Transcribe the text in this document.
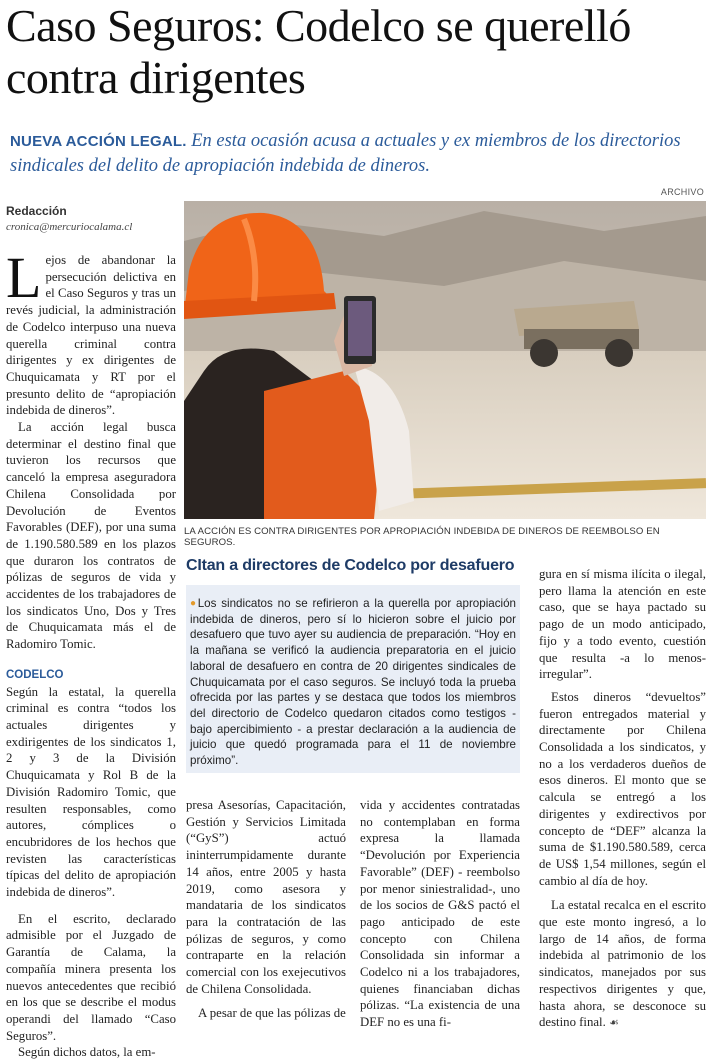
Caso Seguros: Codelco se querelló contra dirigentes
NUEVA ACCIÓN LEGAL. En esta ocasión acusa a actuales y ex miembros de los directorios sindicales del delito de apropiación indebida de dineros.
ARCHIVO
Redacción
cronica@mercuriocalama.cl
LA ACCIÓN ES CONTRA DIRIGENTES POR APROPIACIÓN INDEBIDA DE DINEROS DE REEMBOLSO EN SEGUROS.

Lejos de abandonar la persecución delictiva en el Caso Seguros y tras un revés judicial, la administración de Codelco interpuso una nueva querella criminal contra dirigentes y ex dirigentes de Chuquicamata y RT por el presunto delito de “apropiación indebida de dineros”.

La acción legal busca determinar el destino final que tuvieron los recursos que canceló la empresa aseguradora Chilena Consolidada por Devolución de Eventos Favorables (DEF), por una suma de 1.190.580.589 en los plazos que duraron los contratos de pólizas de seguros de vida y accidentes de los trabajadores de los sindicatos Uno, Dos y Tres de Chuquicamata más el de Radomiro Tomic.

CODELCO

Según la estatal, la querella criminal es contra “todos los actuales dirigentes y exdirigentes de los sindicatos 1, 2 y 3 de la División Chuquicamata y Rol B de la División Radomiro Tomic, que resulten responsables, como autores, cómplices o encubridores de los hechos que revisten las características típicas del delito de apropiación indebida de dineros”.

En el escrito, declarado admisible por el Juzgado de Garantía de Calama, la compañía minera presenta los nuevos antecedentes que recibió en los que se describe el modus operandi del llamado “Caso Seguros”.

Según dichos datos, la em-

CItan a directores de Codelco por desafuero
●Los sindicatos no se refirieron a la querella por apropiación indebida de dineros, pero sí lo hicieron sobre el juicio por desafuero que tuvo ayer su audiencia de preparación. “Hoy en la mañana se verificó la audiencia preparatoria en el juicio laboral de desafuero en contra de 20 dirigentes sindicales de Chuquicamata por el caso seguros. Se incluyó toda la prueba ofrecida por las partes y se destaca que todos los miembros del directorio de Codelco quedaron citados como testigos - bajo apercibimiento - a prestar declaración a la audiencia de juicio que quedó programada para el 11 de noviembre próximo”.

presa Asesorías, Capacitación, Gestión y Servicios Limitada (“GyS”) actuó ininterrumpidamente durante 14 años, entre 2005 y hasta 2019, como asesora y mandataria de los sindicatos para la contratación de las pólizas de seguros, y como contraparte en la relación comercial con los exejecutivos de Chilena Consolidada.

A pesar de que las pólizas de

vida y accidentes contratadas no contemplaban en forma expresa la llamada “Devolución por Experiencia Favorable” (DEF) - reembolso por menor siniestralidad-, uno de los socios de G&S pactó el pago anticipado de este concepto con Chilena Consolidada sin informar a Codelco ni a los trabajadores, quienes financiaban dichas pólizas. “La existencia de una DEF no es una fi-

gura en sí misma ilícita o ilegal, pero llama la atención en este caso, que se haya pactado su pago de un modo anticipado, fijo y a todo evento, cuestión que resulta -a lo menos- irregular”.

Estos dineros “devueltos” fueron entregados material y directamente por Chilena Consolidada a los sindicatos, y no a los verdaderos dueños de esos dineros. El monto que se calcula se entregó a los dirigentes y exdirectivos por concepto de “DEF” alcanza la suma de $1.190.580.589, cerca de US$ 1,54 millones, según el cambio al día de hoy.

La estatal recalca en el escrito que este monto ingresó, a lo largo de 14 años, de forma indebida al patrimonio de los sindicatos, manejados por sus respectivos dirigentes y que, hasta ahora, se desconoce su destino final. ☙
